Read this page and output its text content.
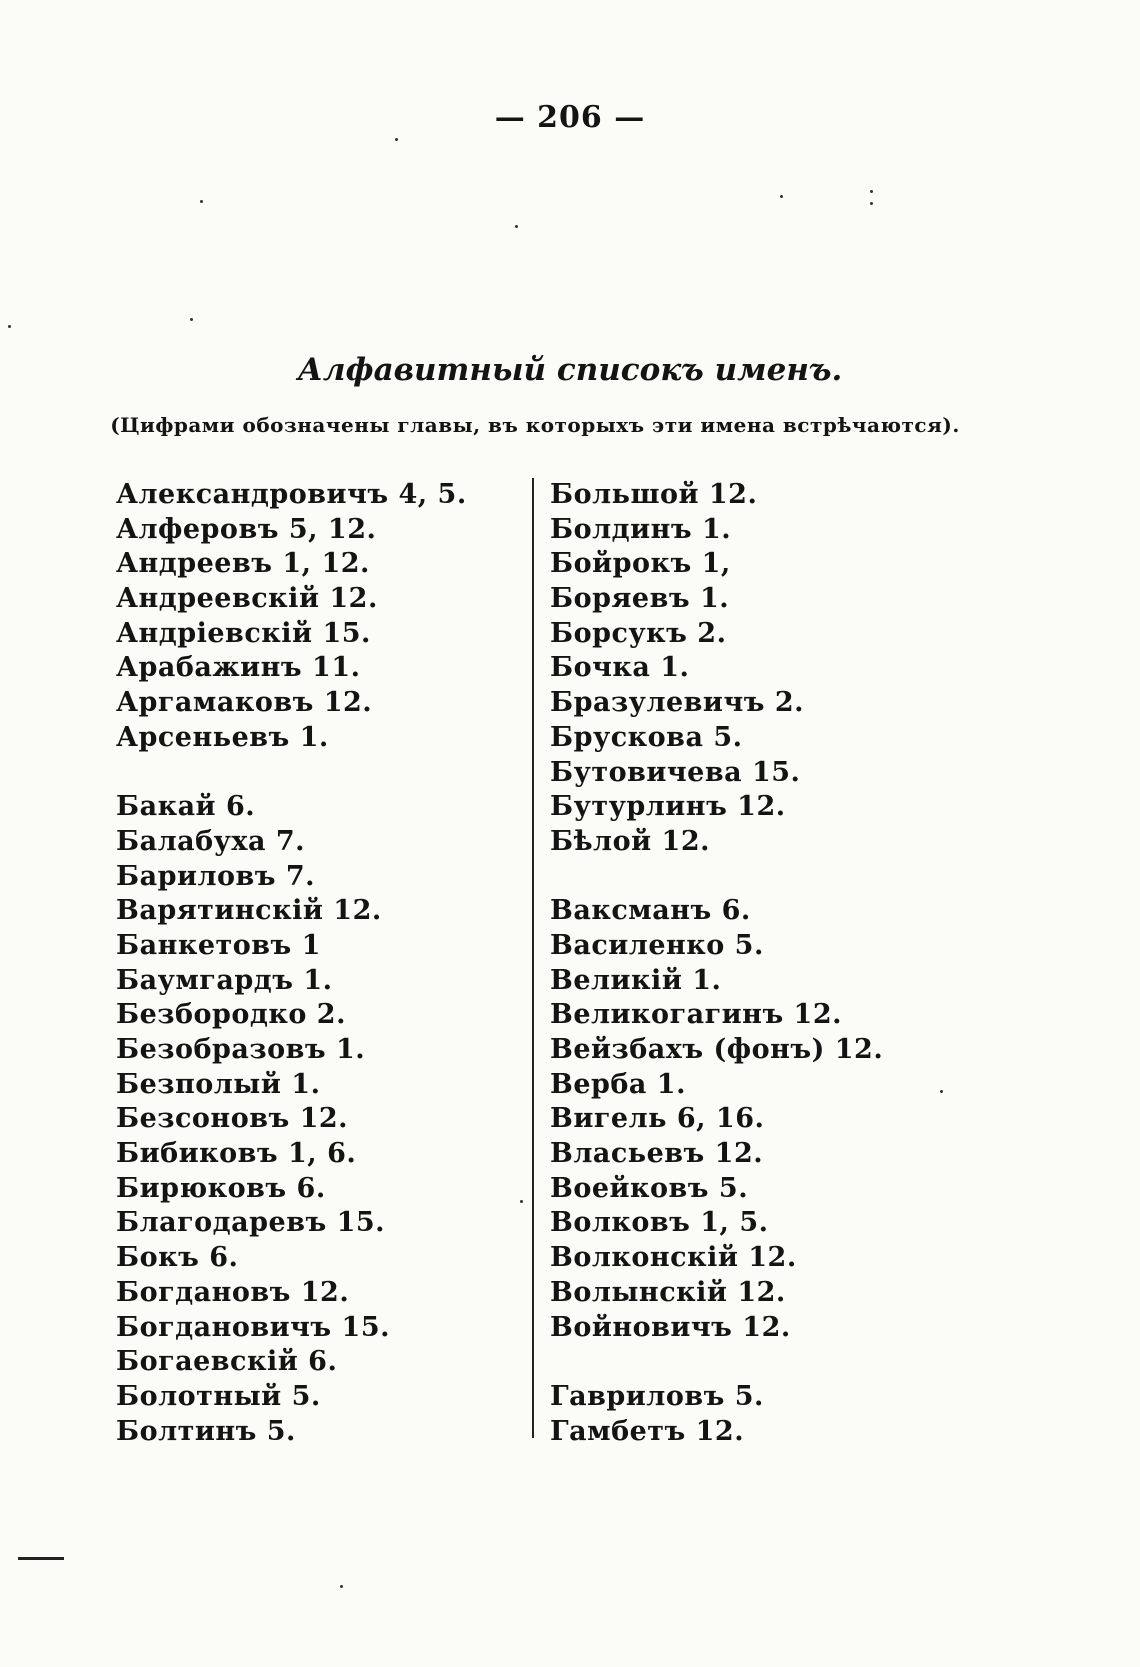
— 206 —
Алфавитный списокъ именъ.
(Цифрами обозначены главы, въ которыхъ эти имена встрѣчаются).
Александровичъ 4, 5.
Алферовъ 5, 12.
Андреевъ 1, 12.
Андреевскій 12.
Андріевскій 15.
Арабажинъ 11.
Аргамаковъ 12.
Арсеньевъ 1.
Бакай 6.
Балабуха 7.
Бариловъ 7.
Варятинскій 12.
Банкетовъ 1
Баумгардъ 1.
Безбородко 2.
Безобразовъ 1.
Безполый 1.
Безсоновъ 12.
Бибиковъ 1, 6.
Бирюковъ 6.
Благодаревъ 15.
Бокъ 6.
Богдановъ 12.
Богдановичъ 15.
Богаевскій 6.
Болотный 5.
Болтинъ 5.
Большой 12.
Болдинъ 1.
Бойрокъ 1,
Боряевъ 1.
Борсукъ 2.
Бочка 1.
Бразулевичъ 2.
Брускова 5.
Бутовичева 15.
Бутурлинъ 12.
Бѣлой 12.
Ваксманъ 6.
Василенко 5.
Великій 1.
Великогагинъ 12.
Вейзбахъ (фонъ) 12.
Верба 1.
Вигель 6, 16.
Власьевъ 12.
Воейковъ 5.
Волковъ 1, 5.
Волконскій 12.
Волынскій 12.
Войновичъ 12.
Гавриловъ 5.
Гамбетъ 12.
